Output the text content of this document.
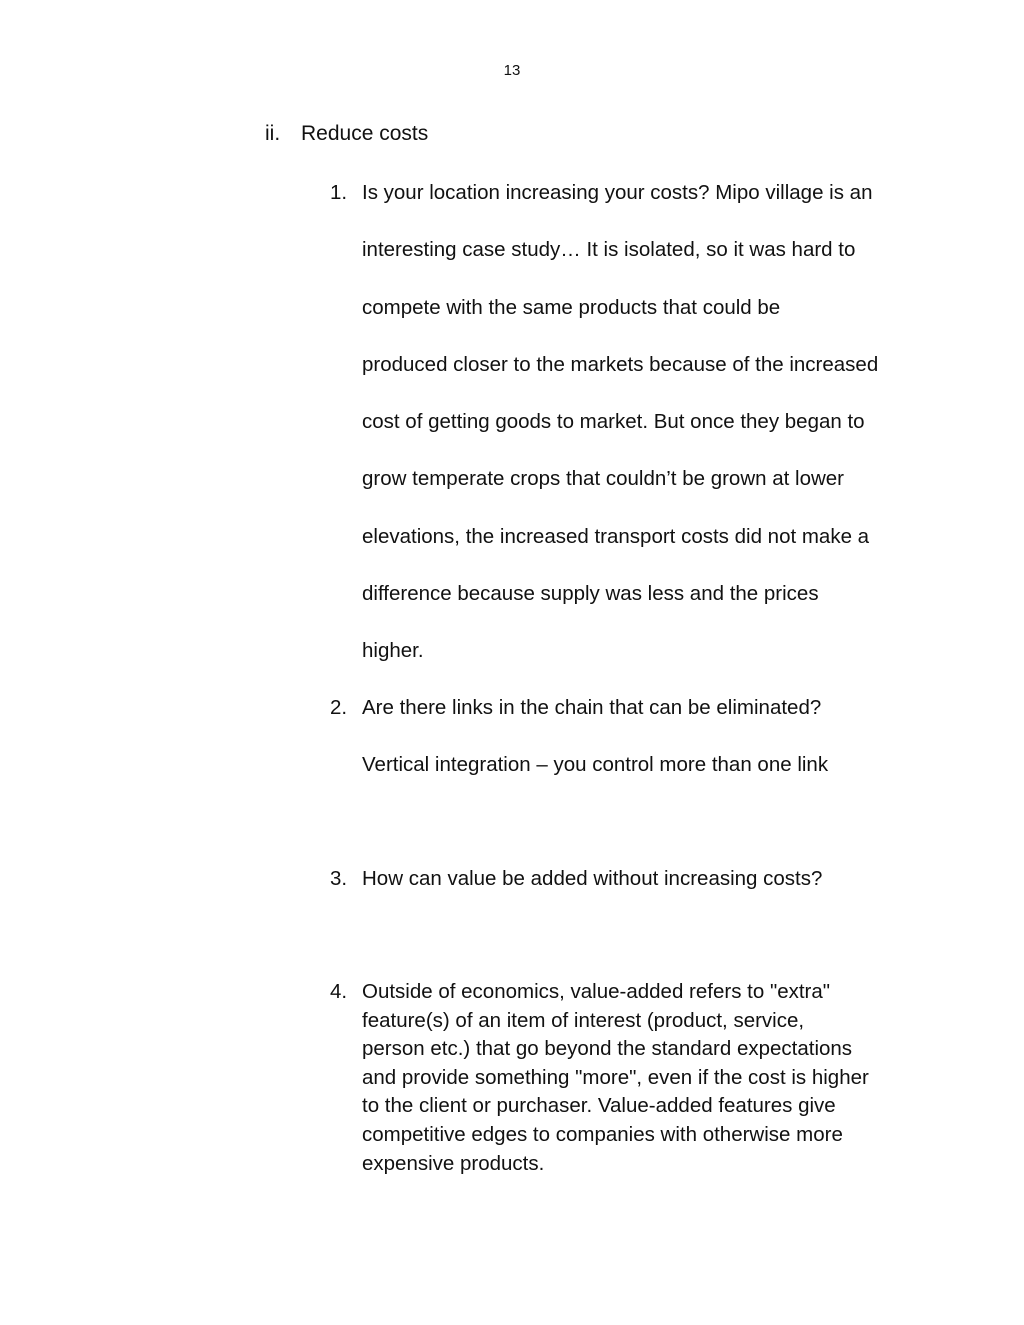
13
ii. Reduce costs
1. Is your location increasing your costs? Mipo village is an
interesting case study… It is isolated, so it was hard to
compete with the same products that could be
produced closer to the markets because of the increased
cost of getting goods to market. But once they began to
grow temperate crops that couldn’t be grown at lower
elevations, the increased transport costs did not make a
difference because supply was less and the prices
higher.
2. Are there links in the chain that can be eliminated?
Vertical integration – you control more than one link
3. How can value be added without increasing costs?
4. Outside of economics, value-added refers to "extra"
feature(s) of an item of interest (product, service,
person etc.) that go beyond the standard expectations
and provide something "more", even if the cost is higher
to the client or purchaser. Value-added features give
competitive edges to companies with otherwise more
expensive products.
